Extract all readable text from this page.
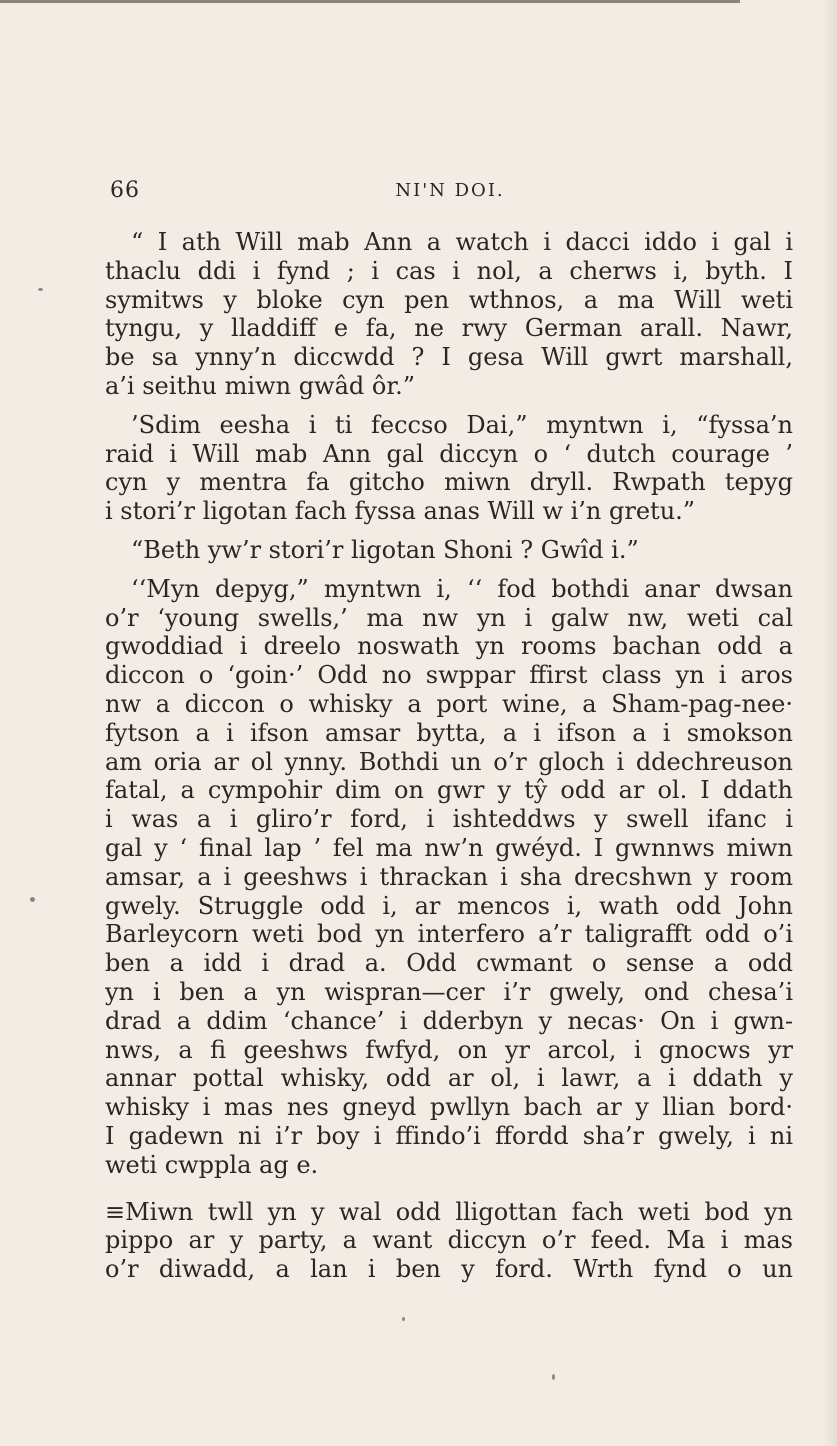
66	NI'N DOI.
“ I ath Will mab Ann a watch i dacci iddo i gal i
thaclu ddi i fynd ; i cas i nol, a cherws i, byth. I
symitws y bloke cyn pen wthnos, a ma Will weti
tyngu, y lladdiff e fa, ne rwy German arall. Nawr,
be sa ynny’n diccwdd ? I gesa Will gwrt marshall,
a’i seithu miwn gwâd ôr.”
’Sdim eesha i ti feccso Dai,” myntwn i, “fyssa’n
raid i Will mab Ann gal diccyn o ‘ dutch courage ’
cyn y mentra fa gitcho miwn dryll. Rwpath tepyg
i stori’r ligotan fach fyssa anas Will w i’n gretu.”
“Beth yw’r stori’r ligotan Shoni ? Gwîd i.”
‘‘Myn depyg,” myntwn i, ‘‘ fod bothdi anar dwsan
o’r ‘young swells,’ ma nw yn i galw nw, weti cal
gwoddiad i dreelo noswath yn rooms bachan odd a
diccon o ‘goin·’ Odd no swppar ffirst class yn i aros
nw a diccon o whisky a port wine, a Sham-pag-nee·
fytson a i ifson amsar bytta, a i ifson a i smokson
am oria ar ol ynny. Bothdi un o’r gloch i ddechreuson
fatal, a cympohir dim on gwr y tŷ odd ar ol. I ddath
i was a i gliro’r ford, i ishteddws y swell ifanc i
gal y ‘ final lap ’ fel ma nw’n gwéyd. I gwnnws miwn
amsar, a i geeshws i thrackan i sha drecshwn y room
gwely. Struggle odd i, ar mencos i, wath odd John
Barleycorn weti bod yn interfero a’r taligrafft odd o’i
ben a idd i drad a. Odd cwmant o sense a odd
yn i ben a yn wispran—cer i’r gwely, ond chesa’i
drad a ddim ‘chance’ i dderbyn y necas· On i gwn-
nws, a fi geeshws fwfyd, on yr arcol, i gnocws yr
annar pottal whisky, odd ar ol, i lawr, a i ddath y
whisky i mas nes gneyd pwllyn bach ar y llian bord·
I gadewn ni i’r boy i ffindo’i ffordd sha’r gwely, i ni
weti cwppla ag e.
≡Miwn twll yn y wal odd lligottan fach weti bod yn
pippo ar y party, a want diccyn o’r feed. Ma i mas
o’r diwadd, a lan i ben y ford. Wrth fynd o un
